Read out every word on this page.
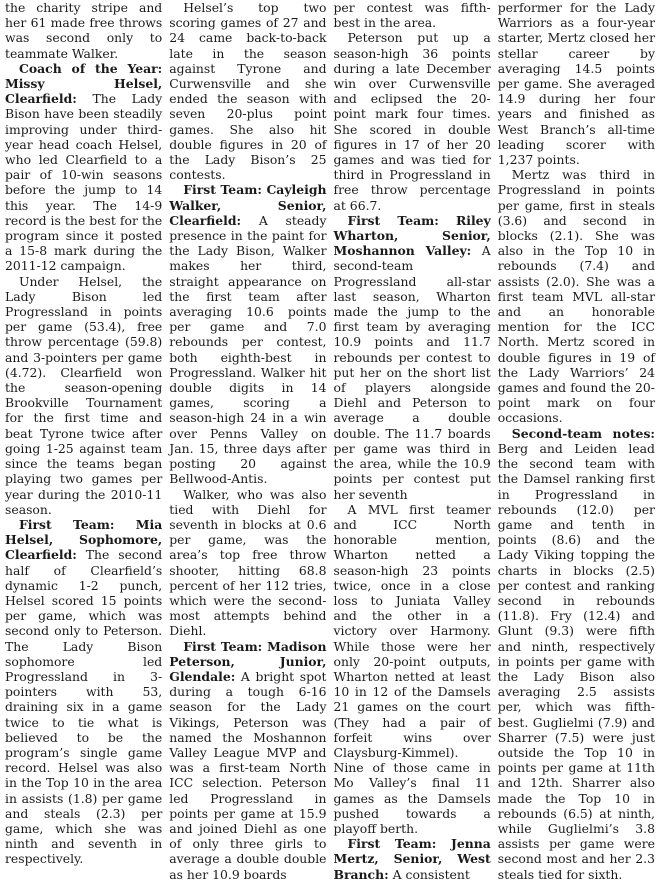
the charity stripe and her 61 made free throws was second only to teammate Walker.

Coach of the Year: Missy Helsel, Clearfield: The Lady Bison have been steadily improving under third-year head coach Helsel, who led Clearfield to a pair of 10-win seasons before the jump to 14 this year. The 14-9 record is the best for the program since it posted a 15-8 mark during the 2011-12 campaign.

Under Helsel, the Lady Bison led Progressland in points per game (53.4), free throw percentage (59.8) and 3-pointers per game (4.72). Clearfield won the season-opening Brookville Tournament for the first time and beat Tyrone twice after going 1-25 against team since the teams began playing two games per year during the 2010-11 season.

First Team: Mia Helsel, Sophomore, Clearfield: The second half of Clearfield’s dynamic 1-2 punch, Helsel scored 15 points per game, which was second only to Peterson. The Lady Bison sophomore led Progressland in 3-pointers with 53, draining six in a game twice to tie what is believed to be the program’s single game record. Helsel was also in the Top 10 in the area in assists (1.8) per game and steals (2.3) per game, which she was ninth and seventh in respectively.

Helsel’s top two scoring games of 27 and 24 came back-to-back late in the season against Tyrone and Curwensville and she ended the season with seven 20-plus point games. She also hit double figures in 20 of the Lady Bison’s 25 contests.

First Team: Cayleigh Walker, Senior, Clearfield: A steady presence in the paint for the Lady Bison, Walker makes her third, straight appearance on the first team after averaging 10.6 points per game and 7.0 rebounds per contest, both eighth-best in Progressland. Walker hit double digits in 14 games, scoring a season-high 24 in a win over Penns Valley on Jan. 15, three days after posting 20 against Bellwood-Antis.

Walker, who was also tied with Diehl for seventh in blocks at 0.6 per game, was the area’s top free throw shooter, hitting 68.8 percent of her 112 tries, which were the second-most attempts behind Diehl.

First Team: Madison Peterson, Junior, Glendale: A bright spot during a tough 6-16 season for the Lady Vikings, Peterson was named the Moshannon Valley League MVP and was a first-team North ICC selection. Peterson led Progressland in points per game at 15.9 and joined Diehl as one of only three girls to average a double double as her 10.9 boards

per contest was fifth-best in the area.

Peterson put up a season-high 36 points during a late December win over Curwensville and eclipsed the 20-point mark four times. She scored in double figures in 17 of her 20 games and was tied for third in Progressland in free throw percentage at 66.7.

First Team: Riley Wharton, Senior, Moshannon Valley: A second-team Progressland all-star last season, Wharton made the jump to the first team by averaging 10.9 points and 11.7 rebounds per contest to put her on the short list of players alongside Diehl and Peterson to average a double double. The 11.7 boards per game was third in the area, while the 10.9 points per contest put her seventh

A MVL first teamer and ICC North honorable mention, Wharton netted a season-high 23 points twice, once in a close loss to Juniata Valley and the other in a victory over Harmony. While those were her only 20-point outputs, Wharton netted at least 10 in 12 of the Damsels 21 games on the court (They had a pair of forfeit wins over Claysburg-Kimmel). Nine of those came in Mo Valley’s final 11 games as the Damsels pushed towards a playoff berth.

First Team: Jenna Mertz, Senior, West Branch: A consistent

performer for the Lady Warriors as a four-year starter, Mertz closed her stellar career by averaging 14.5 points per game. She averaged 14.9 during her four years and finished as West Branch’s all-time leading scorer with 1,237 points.

Mertz was third in Progressland in points per game, first in steals (3.6) and second in blocks (2.1). She was also in the Top 10 in rebounds (7.4) and assists (2.0). She was a first team MVL all-star and an honorable mention for the ICC North. Mertz scored in double figures in 19 of the Lady Warriors’ 24 games and found the 20-point mark on four occasions.

Second-team notes: Berg and Leiden lead the second team with the Damsel ranking first in Progressland in rebounds (12.0) per game and tenth in points (8.6) and the Lady Viking topping the charts in blocks (2.5) per contest and ranking second in rebounds (11.8). Fry (12.4) and Glunt (9.3) were fifth and ninth, respectively in points per game with the Lady Bison also averaging 2.5 assists per, which was fifth-best. Guglielmi (7.9) and Sharrer (7.5) were just outside the Top 10 in points per game at 11th and 12th. Sharrer also made the Top 10 in rebounds (6.5) at ninth, while Guglielmi’s 3.8 assists per game were second most and her 2.3 steals tied for sixth.
